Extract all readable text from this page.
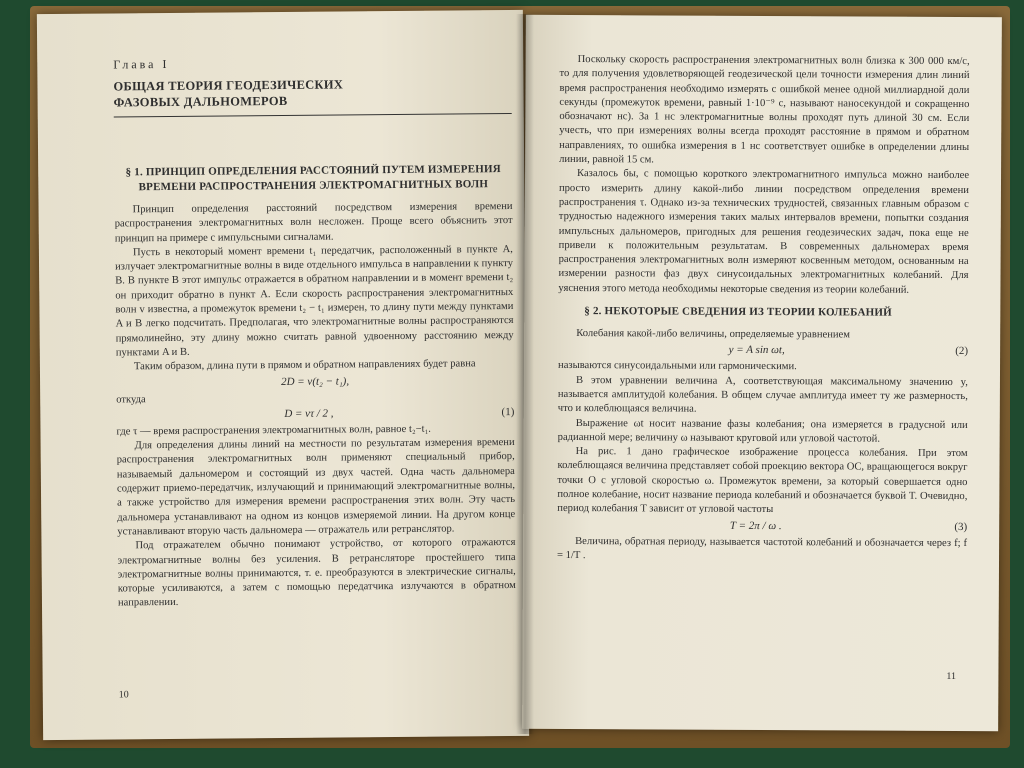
Глава I
ОБЩАЯ ТЕОРИЯ ГЕОДЕЗИЧЕСКИХ
ФАЗОВЫХ ДАЛЬНОМЕРОВ
§ 1. ПРИНЦИП ОПРЕДЕЛЕНИЯ РАССТОЯНИЙ ПУТЕМ ИЗМЕРЕНИЯ ВРЕМЕНИ РАСПРОСТРАНЕНИЯ ЭЛЕКТРОМАГНИТНЫХ ВОЛН

Принцип определения расстояний посредством измерения времени распространения электромагнитных волн несложен. Проще всего объяснить этот принцип на примере с импульсными сигналами.

Пусть в некоторый момент времени t₁ передатчик, расположенный в пункте A, излучает электромагнитные волны в виде отдельного импульса в направлении к пункту B. В пункте B этот импульс отражается в обратном направлении и в момент времени t₂ он приходит обратно в пункт A. Если скорость распространения электромагнитных волн v известна, а промежуток времени t₂ − t₁ измерен, то длину пути между пунктами A и B легко подсчитать. Предполагая, что электромагнитные волны распространяются прямолинейно, эту длину можно считать равной удвоенному расстоянию между пунктами A и B.

Таким образом, длина пути в прямом и обратном направлениях будет равна

2D = v(t₂ − t₁),

откуда

D = vτ / 2 ,	(1)

где τ — время распространения электромагнитных волн, равное t₂−t₁.

Для определения длины линий на местности по результатам измерения времени распространения электромагнитных волн применяют специальный прибор, называемый дальномером и состоящий из двух частей. Одна часть дальномера содержит приемо-передатчик, излучающий и принимающий электромагнитные волны, а также устройство для измерения времени распространения этих волн. Эту часть дальномера устанавливают на одном из концов измеряемой линии. На другом конце устанавливают вторую часть дальномера — отражатель или ретранслятор.

Под отражателем обычно понимают устройство, от которого отражаются электромагнитные волны без усиления. В ретрансляторе простейшего типа электромагнитные волны принимаются, т. е. преобразуются в электрические сигналы, которые усиливаются, а затем с помощью передатчика излучаются в обратном направлении.

10

Поскольку скорость распространения электромагнитных волн близка к 300 000 км/с, то для получения удовлетворяющей геодезической цели точности измерения длин линий время распространения необходимо измерять с ошибкой менее одной миллиардной доли секунды (промежуток времени, равный 1·10⁻⁹ с, называют наносекундой и сокращенно обозначают нс). За 1 нс электромагнитные волны проходят путь длиной 30 см. Если учесть, что при измерениях волны всегда проходят расстояние в прямом и обратном направлениях, то ошибка измерения в 1 нс соответствует ошибке в определении длины линии, равной 15 см.

Казалось бы, с помощью короткого электромагнитного импульса можно наиболее просто измерить длину какой-либо линии посредством определения времени распространения τ. Однако из-за технических трудностей, связанных главным образом с трудностью надежного измерения таких малых интервалов времени, попытки создания импульсных дальномеров, пригодных для решения геодезических задач, пока еще не привели к положительным результатам. В современных дальномерах время распространения электромагнитных волн измеряют косвенным методом, основанным на измерении разности фаз двух синусоидальных электромагнитных колебаний. Для уяснения этого метода необходимы некоторые сведения из теории колебаний.

§ 2. НЕКОТОРЫЕ СВЕДЕНИЯ ИЗ ТЕОРИИ КОЛЕБАНИЙ

Колебания какой-либо величины, определяемые уравнением

y = A sin ωt,	(2)

называются синусоидальными или гармоническими.

В этом уравнении величина A, соответствующая максимальному значению y, называется амплитудой колебания. В общем случае амплитуда имеет ту же размерность, что и колеблющаяся величина.

Выражение ωt носит название фазы колебания; она измеряется в градусной или радианной мере; величину ω называют круговой или угловой частотой.

На рис. 1 дано графическое изображение процесса колебания. При этом колеблющаяся величина представляет собой проекцию вектора OC, вращающегося вокруг точки O с угловой скоростью ω. Промежуток времени, за который совершается одно полное колебание, носит название периода колебаний и обозначается буквой T. Очевидно, период колебания T зависит от угловой частоты

T = 2π / ω .	(3)

Величина, обратная периоду, называется частотой колебаний и обозначается через f; f = 1/T .

11
